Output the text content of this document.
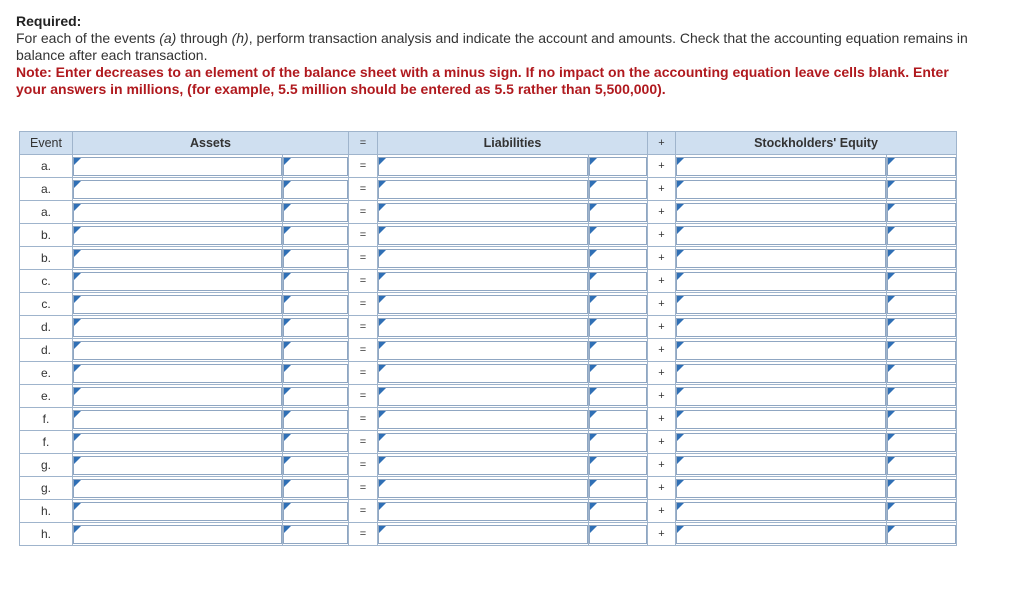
Required:
For each of the events (a) through (h), perform transaction analysis and indicate the account and amounts. Check that the accounting equation remains in balance after each transaction.
Note: Enter decreases to an element of the balance sheet with a minus sign. If no impact on the accounting equation leave cells blank. Enter your answers in millions, (for example, 5.5 million should be entered as 5.5 rather than 5,500,000).
Event	Assets		=	Liabilities		+	Stockholders' Equity	
a.			=			+	

a.			=			+	

a.			=			+	

b.			=			+	

b.			=			+	

c.			=			+	

c.			=			+	

d.			=			+	

d.			=			+	

e.			=			+	

e.			=			+	

f.			=			+	

f.			=			+	

g.			=			+	

g.			=			+	

h.			=			+	

h.			=			+	
